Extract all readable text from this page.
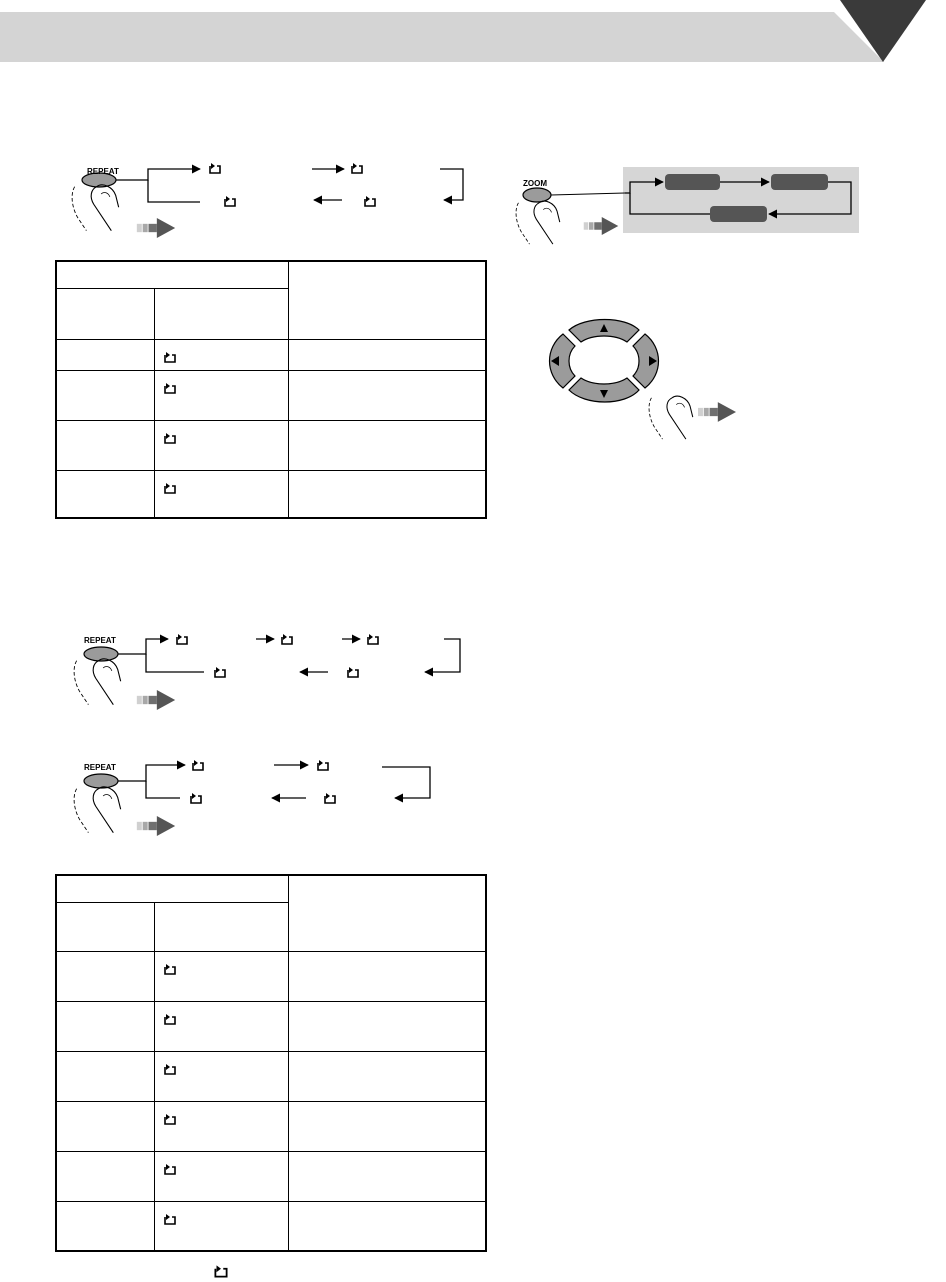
REPEAT

REPEAT
REPEAT

ZOOM
